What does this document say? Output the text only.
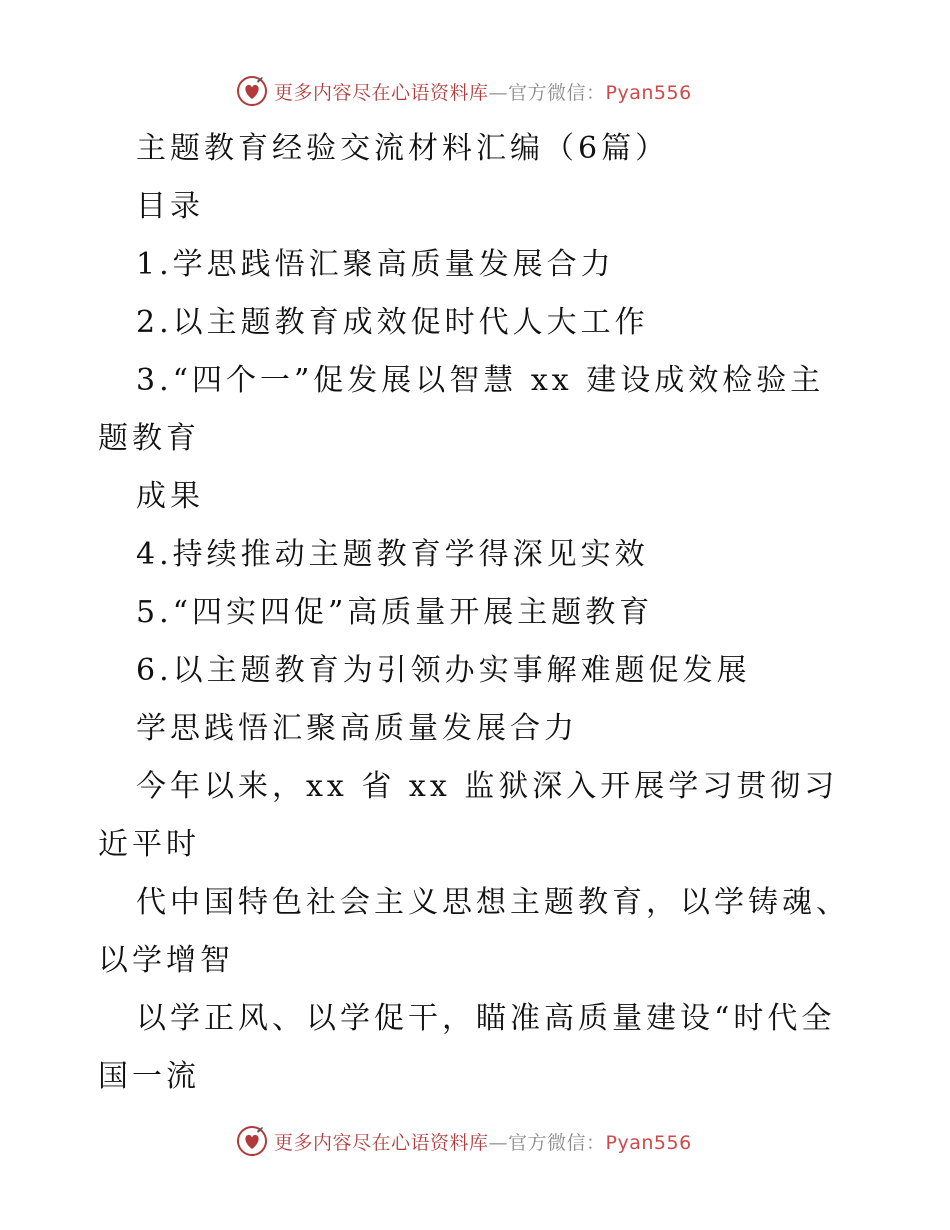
更多内容尽在心语资料库—官方微信：Pyan556
主题教育经验交流材料汇编（6篇）
目录
1.学思践悟汇聚高质量发展合力
2.以主题教育成效促时代人大工作
3.“四个一”促发展以智慧 xx 建设成效检验主
题教育
成果
4.持续推动主题教育学得深见实效
5.“四实四促”高质量开展主题教育
6.以主题教育为引领办实事解难题促发展
学思践悟汇聚高质量发展合力
今年以来，xx 省 xx 监狱深入开展学习贯彻习
近平时
代中国特色社会主义思想主题教育，以学铸魂、
以学增智
以学正风、以学促干，瞄准高质量建设“时代全
国一流
更多内容尽在心语资料库—官方微信：Pyan556
